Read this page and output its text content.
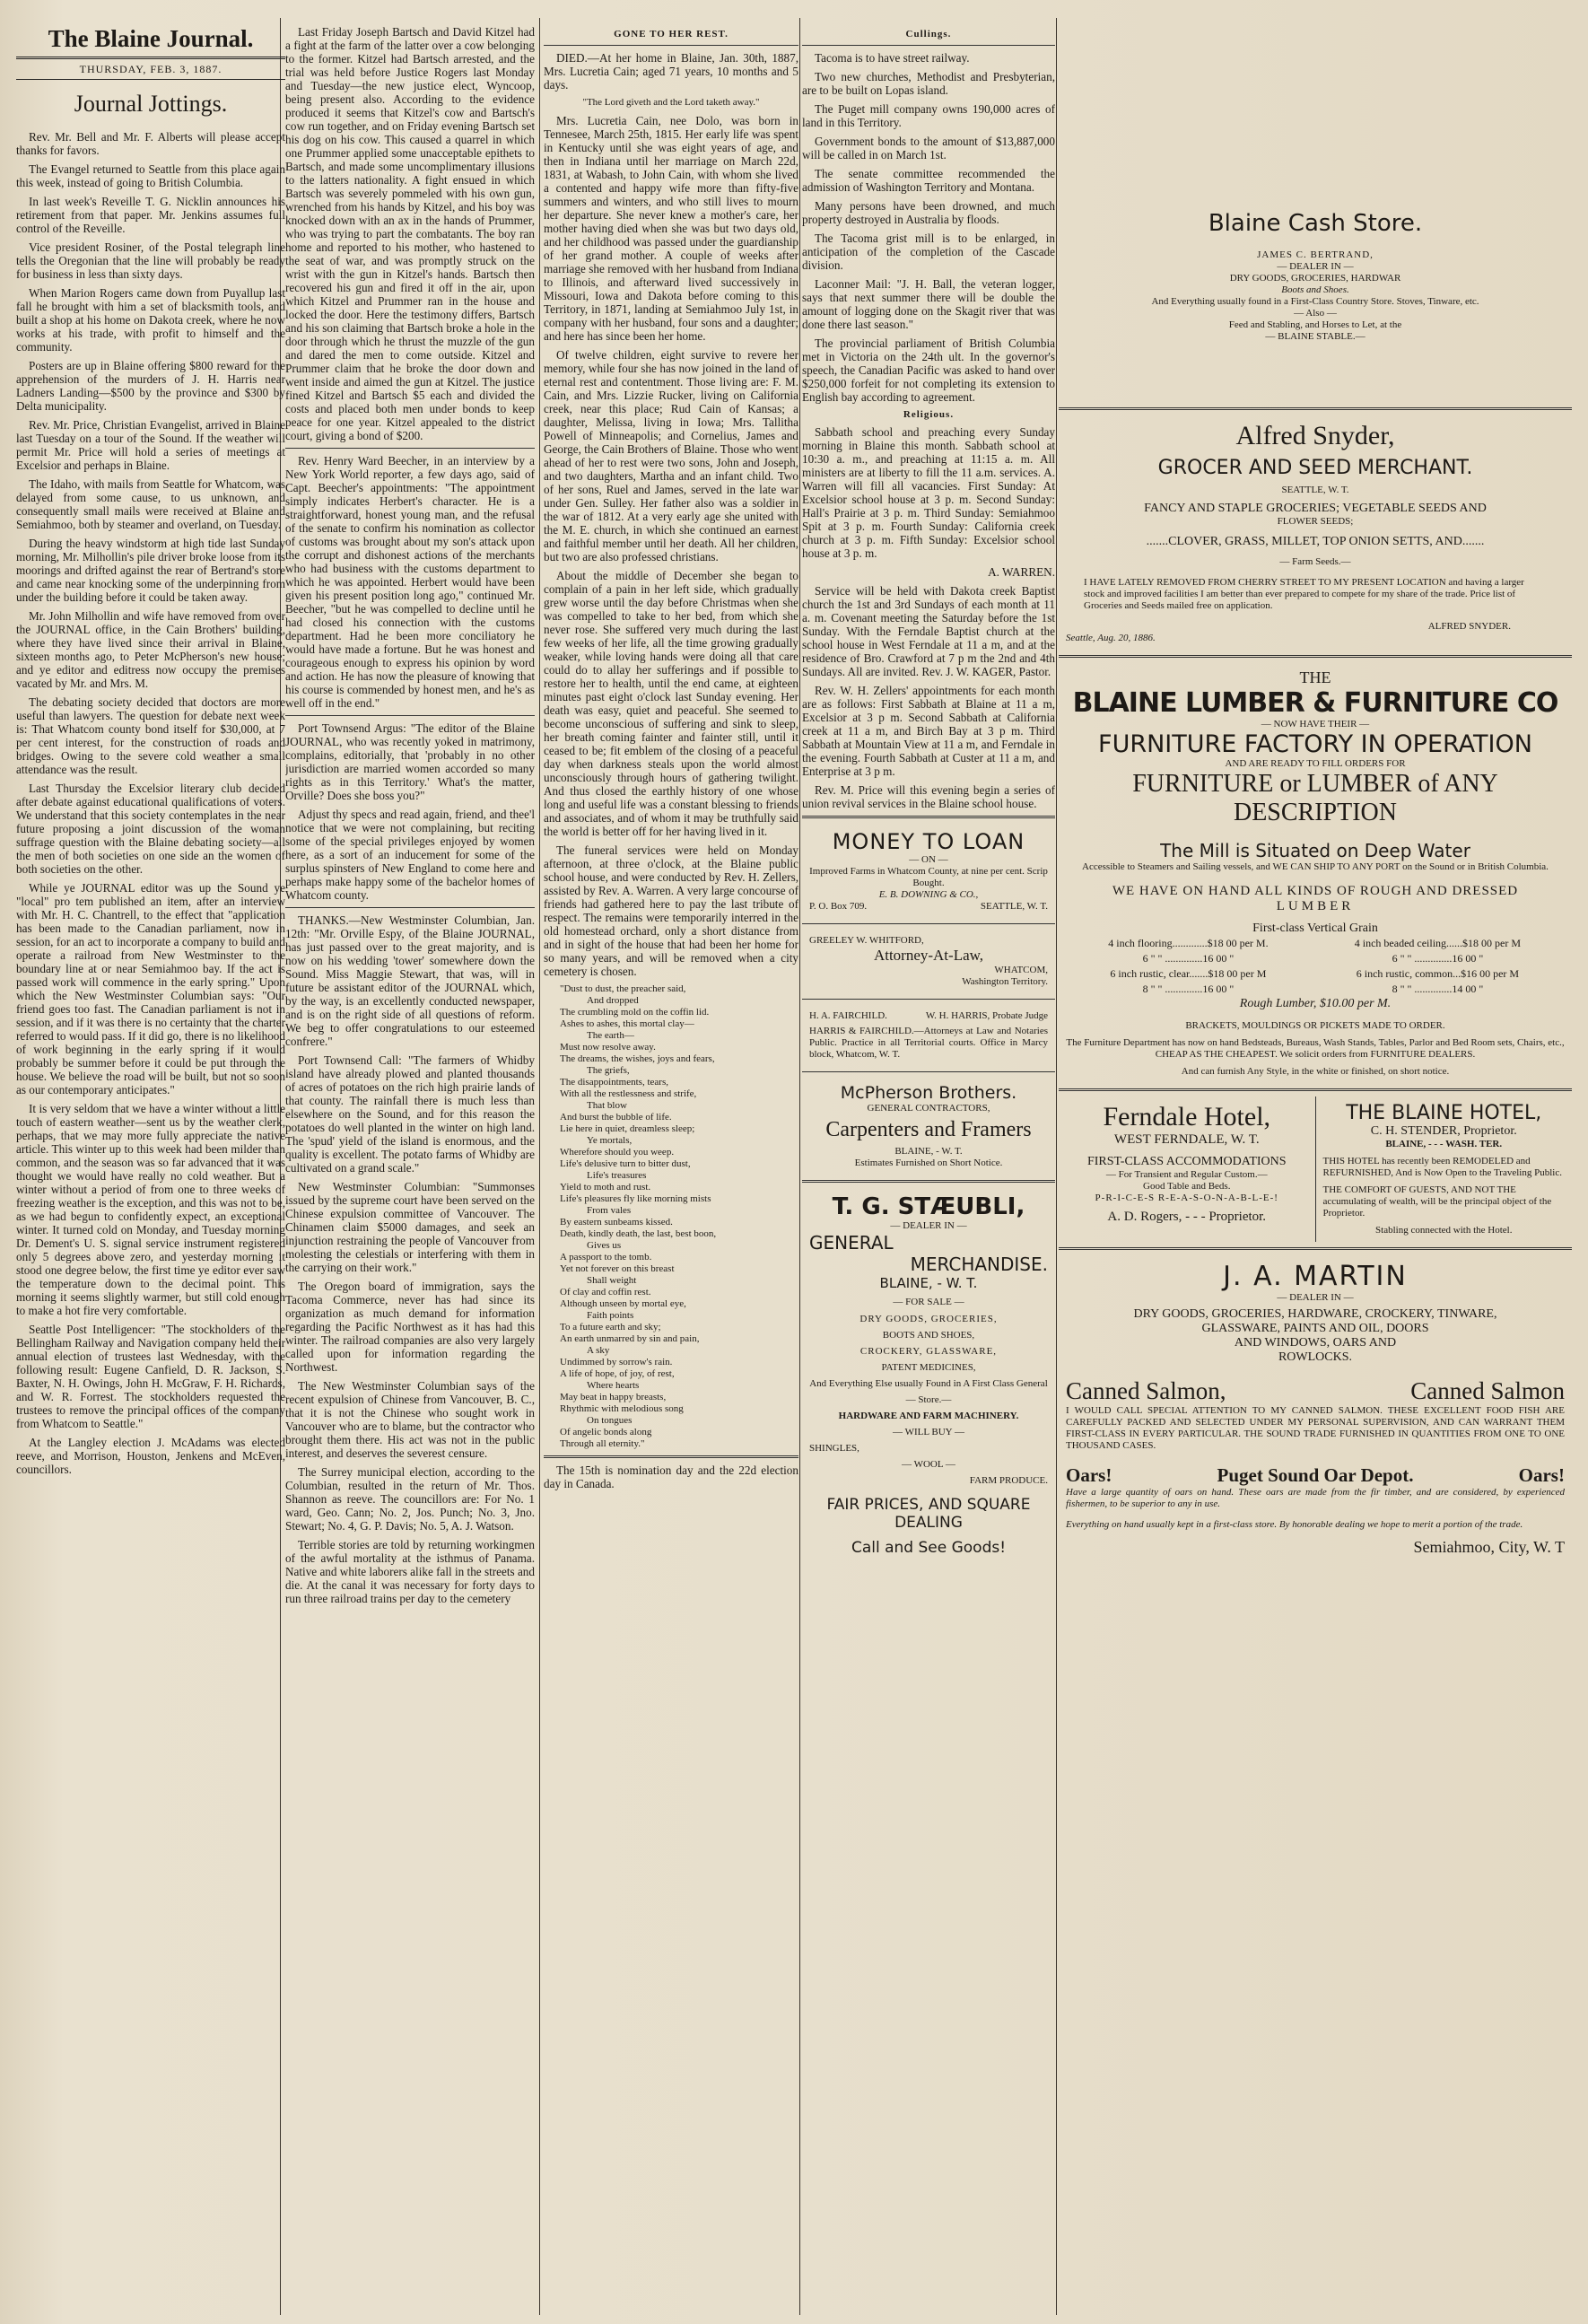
The Blaine Journal.
THURSDAY, FEB. 3, 1887.
Journal Jottings.

Rev. Mr. Bell and Mr. F. Alberts will please accept thanks for favors.

The Evangel returned to Seattle from this place again this week, instead of going to British Columbia.

In last week's Reveille T. G. Nicklin announces his retirement from that paper. Mr. Jenkins assumes full control of the Reveille.

Vice president Rosiner, of the Postal telegraph line tells the Oregonian that the line will probably be ready for business in less than sixty days.

When Marion Rogers came down from Puyallup last fall he brought with him a set of blacksmith tools, and built a shop at his home on Dakota creek, where he now works at his trade, with profit to himself and the community.

Posters are up in Blaine offering $800 reward for the apprehension of the murders of J. H. Harris near Ladners Landing—$500 by the province and $300 by Delta municipality.

Rev. Mr. Price, Christian Evangelist, arrived in Blaine last Tuesday on a tour of the Sound. If the weather will permit Mr. Price will hold a series of meetings at Excelsior and perhaps in Blaine.

The Idaho, with mails from Seattle for Whatcom, was delayed from some cause, to us unknown, and consequently small mails were received at Blaine and Semiahmoo, both by steamer and overland, on Tuesday.

During the heavy windstorm at high tide last Sunday morning, Mr. Milhollin's pile driver broke loose from its moorings and drifted against the rear of Bertrand's store and came near knocking some of the underpinning from under the building before it could be taken away.

Mr. John Milhollin and wife have removed from over the JOURNAL office, in the Cain Brothers' building, where they have lived since their arrival in Blaine, sixteen months ago, to Peter McPherson's new house; and ye editor and editress now occupy the premises vacated by Mr. and Mrs. M.

The debating society decided that doctors are more useful than lawyers. The question for debate next week is: That Whatcom county bond itself for $30,000, at 7 per cent interest, for the construction of roads and bridges. Owing to the severe cold weather a small attendance was the result.

Last Thursday the Excelsior literary club decided after debate against educational qualifications of voters. We understand that this society contemplates in the near future proposing a joint discussion of the woman suffrage question with the Blaine debating society—all the men of both societies on one side an the women of both societies on the other.

While ye JOURNAL editor was up the Sound ye "local" pro tem published an item, after an interview with Mr. H. C. Chantrell, to the effect that "application has been made to the Canadian parliament, now in session, for an act to incorporate a company to build and operate a railroad from New Westminster to the boundary line at or near Semiahmoo bay. If the act is passed work will commence in the early spring." Upon which the New Westminster Columbian says: "Our friend goes too fast. The Canadian parliament is not in session, and if it was there is no certainty that the charter referred to would pass. If it did go, there is no likelihood of work beginning in the early spring if it would probably be summer before it could be put through the house. We believe the road will be built, but not so soon as our contemporary anticipates."

It is very seldom that we have a winter without a little touch of eastern weather—sent us by the weather clerk, perhaps, that we may more fully appreciate the native article. This winter up to this week had been milder than common, and the season was so far advanced that it was thought we would have really no cold weather. But a winter without a period of from one to three weeks of freezing weather is the exception, and this was not to be, as we had begun to confidently expect, an exceptional winter. It turned cold on Monday, and Tuesday morning Dr. Dement's U. S. signal service instrument registered only 5 degrees above zero, and yesterday morning it stood one degree below, the first time ye editor ever saw the temperature down to the decimal point. This morning it seems slightly warmer, but still cold enough to make a hot fire very comfortable.

Seattle Post Intelligencer: "The stockholders of the Bellingham Railway and Navigation company held their annual election of trustees last Wednesday, with the following result: Eugene Canfield, D. R. Jackson, S. Baxter, N. H. Owings, John H. McGraw, F. H. Richards, and W. R. Forrest. The stockholders requested the trustees to remove the principal offices of the company from Whatcom to Seattle."

At the Langley election J. McAdams was elected reeve, and Morrison, Houston, Jenkens and McEven, councillors.

Last Friday Joseph Bartsch and David Kitzel had a fight at the farm of the latter over a cow belonging to the former. Kitzel had Bartsch arrested, and the trial was held before Justice Rogers last Monday and Tuesday—the new justice elect, Wyncoop, being present also. According to the evidence produced it seems that Kitzel's cow and Bartsch's cow run together, and on Friday evening Bartsch set his dog on his cow. This caused a quarrel in which one Prummer applied some unacceptable epithets to Bartsch, and made some uncomplimentary illusions to the latters nationality. A fight ensued in which Bartsch was severely pommeled with his own gun, wrenched from his hands by Kitzel, and his boy was knocked down with an ax in the hands of Prummer, who was trying to part the combatants. The boy ran home and reported to his mother, who hastened to the seat of war, and was promptly struck on the wrist with the gun in Kitzel's hands. Bartsch then recovered his gun and fired it off in the air, upon which Kitzel and Prummer ran in the house and locked the door. Here the testimony differs, Bartsch and his son claiming that Bartsch broke a hole in the door through which he thrust the muzzle of the gun and dared the men to come outside. Kitzel and Prummer claim that he broke the door down and went inside and aimed the gun at Kitzel. The justice fined Kitzel and Bartsch $5 each and divided the costs and placed both men under bonds to keep peace for one year. Kitzel appealed to the district court, giving a bond of $200.

Rev. Henry Ward Beecher, in an interview by a New York World reporter, a few days ago, said of Capt. Beecher's appointments: "The appointment simply indicates Herbert's character. He is a straightforward, honest young man, and the refusal of the senate to confirm his nomination as collector of customs was brought about my son's attack upon the corrupt and dishonest actions of the merchants who had business with the customs department to which he was appointed. Herbert would have been given his present position long ago," continued Mr. Beecher, "but he was compelled to decline until he had closed his connection with the customs department. Had he been more conciliatory he would have made a fortune. But he was honest and courageous enough to express his opinion by word and action. He has now the pleasure of knowing that his course is commended by honest men, and he's as well off in the end."

Port Townsend Argus: "The editor of the Blaine JOURNAL, who was recently yoked in matrimony, complains, editorially, that 'probably in no other jurisdiction are married women accorded so many rights as in this Territory.' What's the matter, Orville? Does she boss you?"

Adjust thy specs and read again, friend, and thee'l notice that we were not complaining, but reciting some of the special privileges enjoyed by women here, as a sort of an inducement for some of the surplus spinsters of New England to come here and perhaps make happy some of the bachelor homes of Whatcom county.

THANKS.—New Westminster Columbian, Jan. 12th: "Mr. Orville Espy, of the Blaine JOURNAL, has just passed over to the great majority, and is now on his wedding 'tower' somewhere down the Sound. Miss Maggie Stewart, that was, will in future be assistant editor of the JOURNAL which, by the way, is an excellently conducted newspaper, and is on the right side of all questions of reform. We beg to offer congratulations to our esteemed confrere."

Port Townsend Call: "The farmers of Whidby island have already plowed and planted thousands of acres of potatoes on the rich high prairie lands of that county. The rainfall there is much less than elsewhere on the Sound, and for this reason the potatoes do well planted in the winter on high land. The 'spud' yield of the island is enormous, and the quality is excellent. The potato farms of Whidby are cultivated on a grand scale."

New Westminster Columbian: "Summonses issued by the supreme court have been served on the Chinese expulsion committee of Vancouver. The Chinamen claim $5000 damages, and seek an injunction restraining the people of Vancouver from molesting the celestials or interfering with them in the carrying on their work."

The Oregon board of immigration, says the Tacoma Commerce, never has had since its organization as much demand for information regarding the Pacific Northwest as it has had this winter. The railroad companies are also very largely called upon for information regarding the Northwest.

The New Westminster Columbian says of the recent expulsion of Chinese from Vancouver, B. C., that it is not the Chinese who sought work in Vancouver who are to blame, but the contractor who brought them there. His act was not in the public interest, and deserves the severest censure.

The Surrey municipal election, according to the Columbian, resulted in the return of Mr. Thos. Shannon as reeve. The councillors are: For No. 1 ward, Geo. Cann; No. 2, Jos. Punch; No. 3, Jno. Stewart; No. 4, G. P. Davis; No. 5, A. J. Watson.

Terrible stories are told by returning workingmen of the awful mortality at the isthmus of Panama. Native and white laborers alike fall in the streets and die. At the canal it was necessary for forty days to run three railroad trains per day to the cemetery

GONE TO HER REST.

DIED.—At her home in Blaine, Jan. 30th, 1887, Mrs. Lucretia Cain; aged 71 years, 10 months and 5 days.

"The Lord giveth and the Lord taketh away."

Mrs. Lucretia Cain, nee Dolo, was born in Tennesee, March 25th, 1815. Her early life was spent in Kentucky until she was eight years of age, and then in Indiana until her marriage on March 22d, 1831, at Wabash, to John Cain, with whom she lived a contented and happy wife more than fifty-five summers and winters, and who still lives to mourn her departure. She never knew a mother's care, her mother having died when she was but two days old, and her childhood was passed under the guardianship of her grand mother. A couple of weeks after marriage she removed with her husband from Indiana to Illinois, and afterward lived successively in Missouri, Iowa and Dakota before coming to this Territory, in 1871, landing at Semiahmoo July 1st, in company with her husband, four sons and a daughter; and here has since been her home.

Of twelve children, eight survive to revere her memory, while four she has now joined in the land of eternal rest and contentment. Those living are: F. M. Cain, and Mrs. Lizzie Rucker, living on California creek, near this place; Rud Cain of Kansas; a daughter, Melissa, living in Iowa; Mrs. Tallitha Powell of Minneapolis; and Cornelius, James and George, the Cain Brothers of Blaine. Those who went ahead of her to rest were two sons, John and Joseph, and two daughters, Martha and an infant child. Two of her sons, Ruel and James, served in the late war under Gen. Sulley. Her father also was a soldier in the war of 1812. At a very early age she united with the M. E. church, in which she continued an earnest and faithful member until her death. All her children, but two are also professed christians.

About the middle of December she began to complain of a pain in her left side, which gradually grew worse until the day before Christmas when she was compelled to take to her bed, from which she never rose. She suffered very much during the last few weeks of her life, all the time growing gradually weaker, while loving hands were doing all that care could do to allay her sufferings and if possible to restore her to health, until the end came, at eighteen minutes past eight o'clock last Sunday evening. Her death was easy, quiet and peaceful. She seemed to become unconscious of suffering and sink to sleep, her breath coming fainter and fainter still, until it ceased to be; fit emblem of the closing of a peaceful day when darkness steals upon the world almost unconsciously through hours of gathering twilight. And thus closed the earthly history of one whose long and useful life was a constant blessing to friends and associates, and of whom it may be truthfully said the world is better off for her having lived in it.

The funeral services were held on Monday afternoon, at three o'clock, at the Blaine public school house, and were conducted by Rev. H. Zellers, assisted by Rev. A. Warren. A very large concourse of friends had gathered here to pay the last tribute of respect. The remains were temporarily interred in the old homestead orchard, only a short distance from and in sight of the house that had been her home for so many years, and will be removed when a city cemetery is chosen.

"Dust to dust, the preacher said,

And dropped

The crumbling mold on the coffin lid.

Ashes to ashes, this mortal clay—

The earth—

Must now resolve away.

The dreams, the wishes, joys and fears,

The griefs,

The disappointments, tears,

With all the restlessness and strife,

That blow

And burst the bubble of life.

Lie here in quiet, dreamless sleep;

Ye mortals,

Wherefore should you weep.

Life's delusive turn to bitter dust,

Life's treasures

Yield to moth and rust.

Life's pleasures fly like morning mists

From vales

By eastern sunbeams kissed.

Death, kindly death, the last, best boon,

Gives us

A passport to the tomb.

Yet not forever on this breast

Shall weight

Of clay and coffin rest.

Although unseen by mortal eye,

Faith points

To a future earth and sky;

An earth unmarred by sin and pain,

A sky

Undimmed by sorrow's rain.

A life of hope, of joy, of rest,

Where hearts

May beat in happy breasts,

Rhythmic with melodious song

On tongues

Of angelic bonds along

Through all eternity."

The 15th is nomination day and the 22d election day in Canada.

Cullings.

Tacoma is to have street railway.

Two new churches, Methodist and Presbyterian, are to be built on Lopas island.

The Puget mill company owns 190,000 acres of land in this Territory.

Government bonds to the amount of $13,887,000 will be called in on March 1st.

The senate committee recommended the admission of Washington Territory and Montana.

Many persons have been drowned, and much property destroyed in Australia by floods.

The Tacoma grist mill is to be enlarged, in anticipation of the completion of the Cascade division.

Laconner Mail: "J. H. Ball, the veteran logger, says that next summer there will be double the amount of logging done on the Skagit river that was done there last season."

The provincial parliament of British Columbia met in Victoria on the 24th ult. In the governor's speech, the Canadian Pacific was asked to hand over $250,000 forfeit for not completing its extension to English bay according to agreement.

Religious.

Sabbath school and preaching every Sunday morning in Blaine this month. Sabbath school at 10:30 a. m., and preaching at 11:15 a. m. All ministers are at liberty to fill the 11 a.m. services. A. Warren will fill all vacancies. First Sunday: At Excelsior school house at 3 p. m. Second Sunday: Hall's Prairie at 3 p. m. Third Sunday: Semiahmoo Spit at 3 p. m. Fourth Sunday: California creek church at 3 p. m. Fifth Sunday: Excelsior school house at 3 p. m.

A. WARREN.

Service will be held with Dakota creek Baptist church the 1st and 3rd Sundays of each month at 11 a. m. Covenant meeting the Saturday before the 1st Sunday. With the Ferndale Baptist church at the school house in West Ferndale at 11 a m, and at the residence of Bro. Crawford at 7 p m the 2nd and 4th Sundays. All are invited. Rev. J. W. KAGER, Pastor.

Rev. W. H. Zellers' appointments for each month are as follows: First Sabbath at Blaine at 11 a m, Excelsior at 3 p m. Second Sabbath at California creek at 11 a m, and Birch Bay at 3 p m. Third Sabbath at Mountain View at 11 a m, and Ferndale in the evening. Fourth Sabbath at Custer at 11 a m, and Enterprise at 3 p m.

Rev. M. Price will this evening begin a series of union revival services in the Blaine school house.

MONEY TO LOAN
— ON —
Improved Farms in Whatcom County, at nine per cent. Scrip Bought.
E. B. DOWNING & CO.,
P. O. Box 709.	SEATTLE, W. T.
GREELEY W. WHITFORD,
Attorney-At-Law,
WHATCOM,
Washington Territory.
H. A. FAIRCHILD.	W. H. HARRIS, Probate Judge
HARRIS & FAIRCHILD.—Attorneys at Law and Notaries Public. Practice in all Territorial courts. Office in Marcy block, Whatcom, W. T.
McPherson Brothers.
GENERAL CONTRACTORS,
Carpenters and Framers
BLAINE, - W. T.
Estimates Furnished on Short Notice.
T. G. STÆUBLI,
— DEALER IN —
GENERAL
MERCHANDISE.
BLAINE, - W. T.
— FOR SALE —
DRY GOODS, GROCERIES,
BOOTS AND SHOES,
CROCKERY, GLASSWARE,
PATENT MEDICINES,
And Everything Else usually Found in A First Class General
— Store.—
HARDWARE AND FARM MACHINERY.
— WILL BUY —
SHINGLES,
— WOOL —
FARM PRODUCE.
FAIR PRICES, AND SQUARE
DEALING
Call and See Goods!
Blaine Cash Store.
JAMES C. BERTRAND,
— DEALER IN —
DRY GOODS, GROCERIES, HARDWAR
Boots and Shoes.
And Everything usually found in a First-Class Country Store. Stoves, Tinware, etc.
— Also —
Feed and Stabling, and Horses to Let, at the
— BLAINE STABLE.—
Alfred Snyder,
GROCER AND SEED MERCHANT.
SEATTLE, W. T.
FANCY AND STAPLE GROCERIES; VEGETABLE SEEDS AND
FLOWER SEEDS;
.......CLOVER, GRASS, MILLET, TOP ONION SETTS, AND.......
— Farm Seeds.—
I HAVE LATELY REMOVED FROM CHERRY STREET TO MY PRESENT LOCATION and having a larger stock and improved facilities I am better than ever prepared to compete for my share of the trade. Price list of Groceries and Seeds mailed free on application.
ALFRED SNYDER.
Seattle, Aug. 20, 1886.
THE
BLAINE LUMBER & FURNITURE CO
— NOW HAVE THEIR —
FURNITURE FACTORY IN OPERATION
AND ARE READY TO FILL ORDERS FOR
FURNITURE or LUMBER of ANY DESCRIPTION
The Mill is Situated on Deep Water
Accessible to Steamers and Sailing vessels, and WE CAN SHIP TO ANY PORT on the Sound or in British Columbia.
WE HAVE ON HAND ALL KINDS OF ROUGH AND DRESSED
LUMBER
First-class Vertical Grain
4 inch flooring.............$18 00 per M.	4 inch beaded ceiling......$18 00 per M
6 " " ..............16 00 "	6 " " ..............16 00 "
6 inch rustic, clear.......$18 00 per M	6 inch rustic, common...$16 00 per M
8 " " ..............16 00 "	8 " " ..............14 00 "
Rough Lumber, $10.00 per M.
BRACKETS, MOULDINGS OR PICKETS MADE TO ORDER.
The Furniture Department has now on hand Bedsteads, Bureaus, Wash Stands, Tables, Parlor and Bed Room sets, Chairs, etc., CHEAP AS THE CHEAPEST. We solicit orders from FURNITURE DEALERS.
And can furnish Any Style, in the white or finished, on short notice.
Ferndale Hotel,
WEST FERNDALE, W. T.
FIRST-CLASS ACCOMMODATIONS
— For Transient and Regular Custom.—
Good Table and Beds.
P-R-I-C-E-S R-E-A-S-O-N-A-B-L-E-!
A. D. Rogers, - - - Proprietor.
THE BLAINE HOTEL,
C. H. STENDER, Proprietor.
BLAINE, - - - WASH. TER.
THIS HOTEL has recently been REMODELED and REFURNISHED, And is Now Open to the Traveling Public.
THE COMFORT OF GUESTS, AND NOT THE accumulating of wealth, will be the principal object of the Proprietor.
Stabling connected with the Hotel.
J. A. MARTIN
— DEALER IN —
DRY GOODS, GROCERIES, HARDWARE, CROCKERY, TINWARE,
GLASSWARE, PAINTS AND OIL, DOORS
AND WINDOWS, OARS AND
ROWLOCKS.
Canned Salmon,	Canned Salmon
I WOULD CALL SPECIAL ATTENTION TO MY CANNED SALMON. THESE EXCELLENT FOOD FISH ARE CAREFULLY PACKED AND SELECTED UNDER MY PERSONAL SUPERVISION, AND CAN WARRANT THEM FIRST-CLASS IN EVERY PARTICULAR. THE SOUND TRADE FURNISHED IN QUANTITIES FROM ONE TO ONE THOUSAND CASES.
Oars!	Puget Sound Oar Depot.	Oars!
Have a large quantity of oars on hand. These oars are made from the fir timber, and are considered, by experienced fishermen, to be superior to any in use.
Everything on hand usually kept in a first-class store. By honorable dealing we hope to merit a portion of the trade.
Semiahmoo, City, W. T
